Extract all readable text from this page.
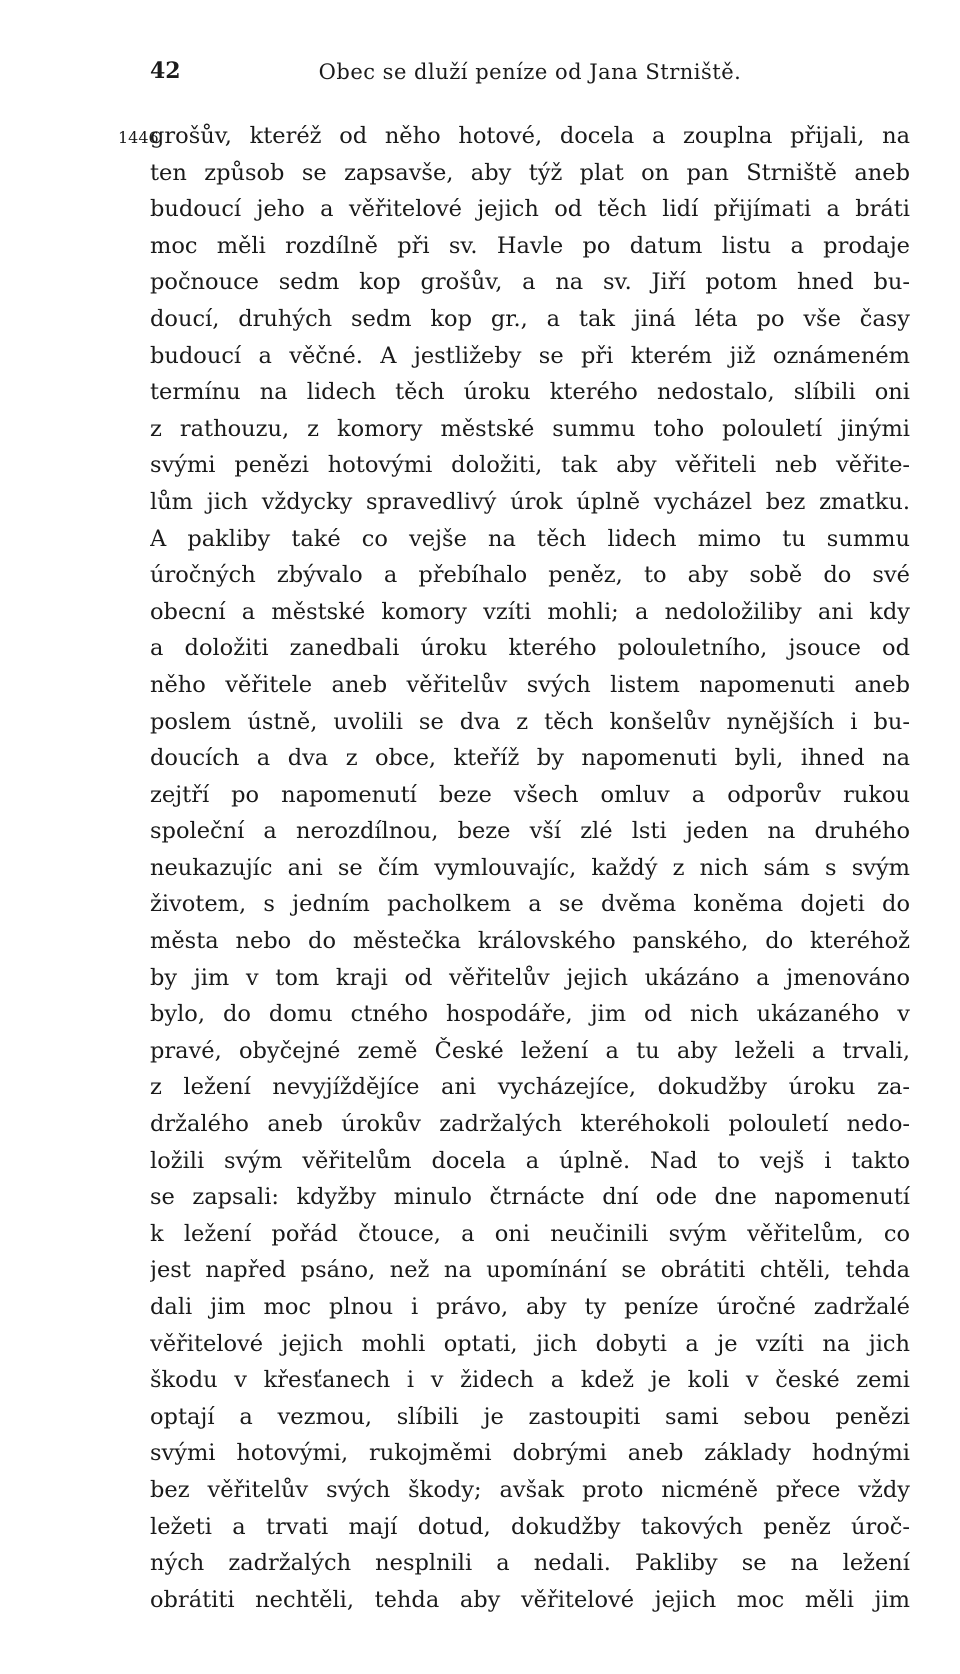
42	Obec se dluží peníze od Jana Strniště.
1446
grošův, kteréž od něho hotové, docela a zouplna přijali, na
ten způsob se zapsavše, aby týž plat on pan Strniště aneb
budoucí jeho a věřitelové jejich od těch lidí přijímati a bráti
moc měli rozdílně při sv. Havle po datum listu a prodaje
počnouce sedm kop grošův, a na sv. Jiří potom hned bu-
doucí, druhých sedm kop gr., a tak jiná léta po vše časy
budoucí a věčné. A jestližeby se při kterém již oznámeném
termínu na lidech těch úroku kterého nedostalo, slíbili oni
z rathouzu, z komory městské summu toho polouletí jinými
svými penězi hotovými doložiti, tak aby věřiteli neb věřite-
lům jich vždycky spravedlivý úrok úplně vycházel bez zmatku.
A pakliby také co vejše na těch lidech mimo tu summu
úročných zbývalo a přebíhalo peněz, to aby sobě do své
obecní a městské komory vzíti mohli; a nedoložiliby ani kdy
a doložiti zanedbali úroku kterého polouletního, jsouce od
něho věřitele aneb věřitelův svých listem napomenuti aneb
poslem ústně, uvolili se dva z těch konšelův nynějších i bu-
doucích a dva z obce, kteříž by napomenuti byli, ihned na
zejtří po napomenutí beze všech omluv a odporův rukou
společní a nerozdílnou, beze vší zlé lsti jeden na druhého
neukazujíc ani se čím vymlouvajíc, každý z nich sám s svým
životem, s jedním pacholkem a se dvěma koněma dojeti do
města nebo do městečka královského panského, do kteréhož
by jim v tom kraji od věřitelův jejich ukázáno a jmenováno
bylo, do domu ctného hospodáře, jim od nich ukázaného v
pravé, obyčejné země České ležení a tu aby leželi a trvali,
z ležení nevyjíždějíce ani vycházejíce, dokudžby úroku za-
držalého aneb úrokův zadržalých kteréhokoli polouletí nedo-
ložili svým věřitelům docela a úplně. Nad to vejš i takto
se zapsali: kdyžby minulo čtrnácte dní ode dne napomenutí
k ležení pořád čtouce, a oni neučinili svým věřitelům, co
jest napřed psáno, než na upomínání se obrátiti chtěli, tehda
dali jim moc plnou i právo, aby ty peníze úročné zadržalé
věřitelové jejich mohli optati, jich dobyti a je vzíti na jich
škodu v křesťanech i v židech a kdež je koli v české zemi
optají a vezmou, slíbili je zastoupiti sami sebou penězi
svými hotovými, rukojměmi dobrými aneb základy hodnými
bez věřitelův svých škody; avšak proto nicméně přece vždy
ležeti a trvati mají dotud, dokudžby takových peněz úroč-
ných zadržalých nesplnili a nedali. Pakliby se na ležení
obrátiti nechtěli, tehda aby věřitelové jejich moc měli jim
